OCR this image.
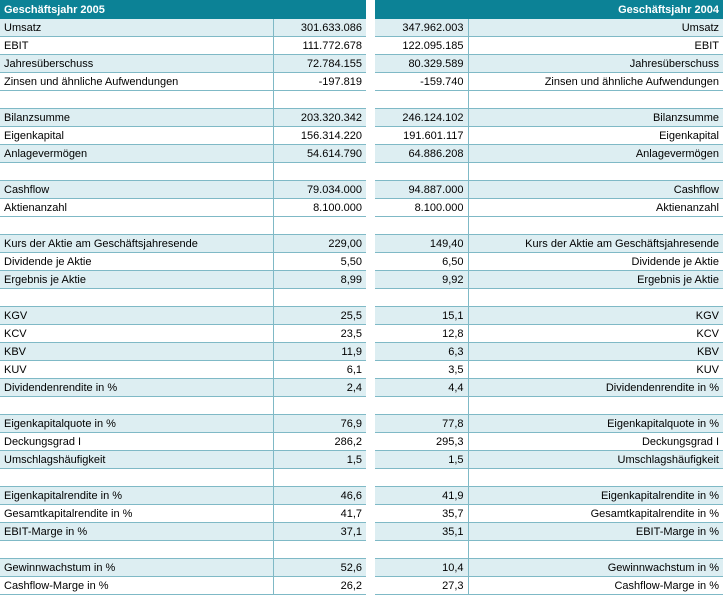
Geschäftsjahr 2005	
Umsatz	301.633.086
EBIT	111.772.678
Jahresüberschuss	72.784.155
Zinsen und ähnliche Aufwendungen	-197.819

Bilanzsumme	203.320.342
Eigenkapital	156.314.220
Anlagevermögen	54.614.790

Cashflow	79.034.000
Aktienanzahl	8.100.000

Kurs der Aktie am Geschäftsjahresende	229,00
Dividende je Aktie	5,50
Ergebnis je Aktie	8,99

KGV	25,5
KCV	23,5
KBV	11,9
KUV	6,1
Dividendenrendite in %	2,4

Eigenkapitalquote in %	76,9
Deckungsgrad I	286,2
Umschlagshäufigkeit	1,5

Eigenkapitalrendite in %	46,6
Gesamtkapitalrendite in %	41,7
EBIT-Marge in %	37,1

Gewinnwachstum in %	52,6
Cashflow-Marge in %	26,2
	Geschäftsjahr 2004
347.962.003	Umsatz
122.095.185	EBIT
80.329.589	Jahresüberschuss
-159.740	Zinsen und ähnliche Aufwendungen

246.124.102	Bilanzsumme
191.601.117	Eigenkapital
64.886.208	Anlagevermögen

94.887.000	Cashflow
8.100.000	Aktienanzahl

149,40	Kurs der Aktie am Geschäftsjahresende
6,50	Dividende je Aktie
9,92	Ergebnis je Aktie

15,1	KGV
12,8	KCV
6,3	KBV
3,5	KUV
4,4	Dividendenrendite in %

77,8	Eigenkapitalquote in %
295,3	Deckungsgrad I
1,5	Umschlagshäufigkeit

41,9	Eigenkapitalrendite in %
35,7	Gesamtkapitalrendite in %
35,1	EBIT-Marge in %

10,4	Gewinnwachstum in %
27,3	Cashflow-Marge in %
